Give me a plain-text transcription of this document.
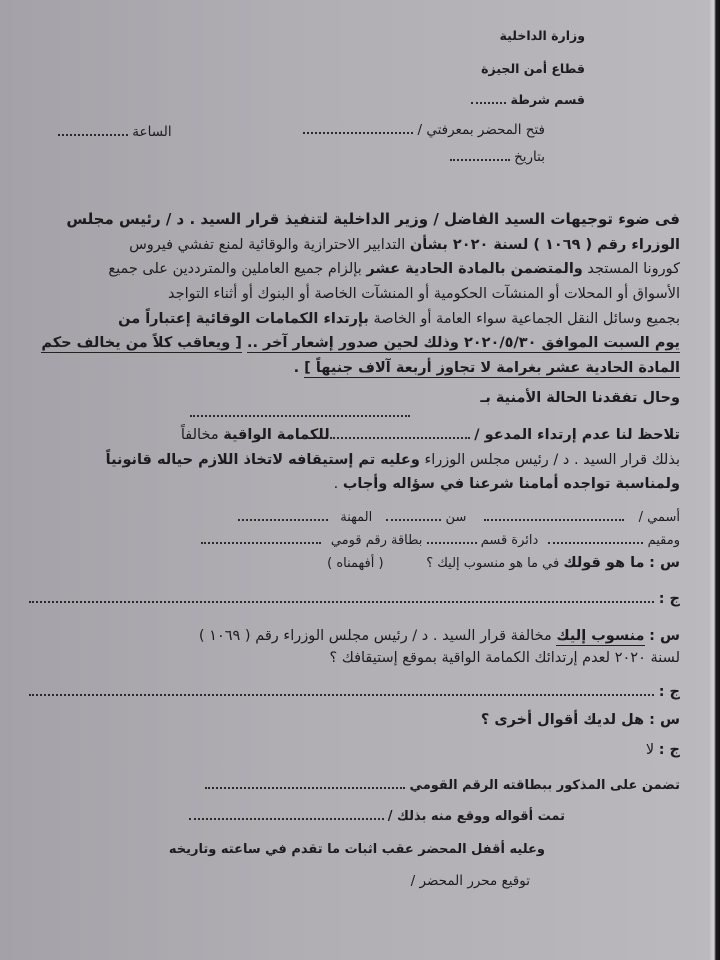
وزارة الداخلية
قطاع أمن الجيزة
قسم شرطة
فتح المحضر بمعرفتي /
الساعة
بتاريخ
فى ضوء توجيهات السيد الفاضل / وزير الداخلية لتنفيذ قرار السيد . د / رئيس مجلس
الوزراء رقم ( ١٠٦٩ ) لسنة ٢٠٢٠ بشأن التدابير الاحترازية والوقائية لمنع تفشي فيروس
كورونا المستجد والمتضمن بالمادة الحادية عشر بإلزام جميع العاملين والمترددين على جميع
الأسواق أو المحلات أو المنشآت الحكومية أو المنشآت الخاصة أو البنوك أو أثناء التواجد
بجميع وسائل النقل الجماعية سواء العامة أو الخاصة بإرتداء الكمامات الوقائية إعتباراً من
يوم السبت الموافق ٢٠٢٠/٥/٣٠ وذلك لحين صدور إشعار آخر .. [ ويعاقب كلاً من يخالف حكم
المادة الحادية عشر بغرامة لا تجاوز أربعة آلاف جنيهاً ] .
وحال تفقدنا الحالة الأمنية بـ
تلاحظ لنا عدم إرتداء المدعو / للكمامة الواقية مخالفاً
بذلك قرار السيد . د / رئيس مجلس الوزراء وعليه تم إستيقافه لاتخاذ اللازم حياله قانونياً
ولمناسبة تواجده أمامنا شرعنا في سؤاله وأجاب .
أسمي /  سن  المهنة
ومقيم  دائرة قسم  بطاقة رقم قومي
س : ما هو قولك في ما هو منسوب إليك ؟ ( أفهمناه )
ج :
س : منسوب إليك مخالفة قرار السيد . د / رئيس مجلس الوزراء رقم ( ١٠٦٩ )
لسنة ٢٠٢٠ لعدم إرتدائك الكمامة الواقية بموقع إستيقافك ؟
ج :
س : هل لديك أقوال أخرى ؟
ج : لا
تضمن على المذكور ببطاقته الرقم القومي
تمت أقواله ووقع منه بذلك /
وعليه أقفل المحضر عقب اثبات ما تقدم في ساعته وتاريخه
توقيع محرر المحضر /
